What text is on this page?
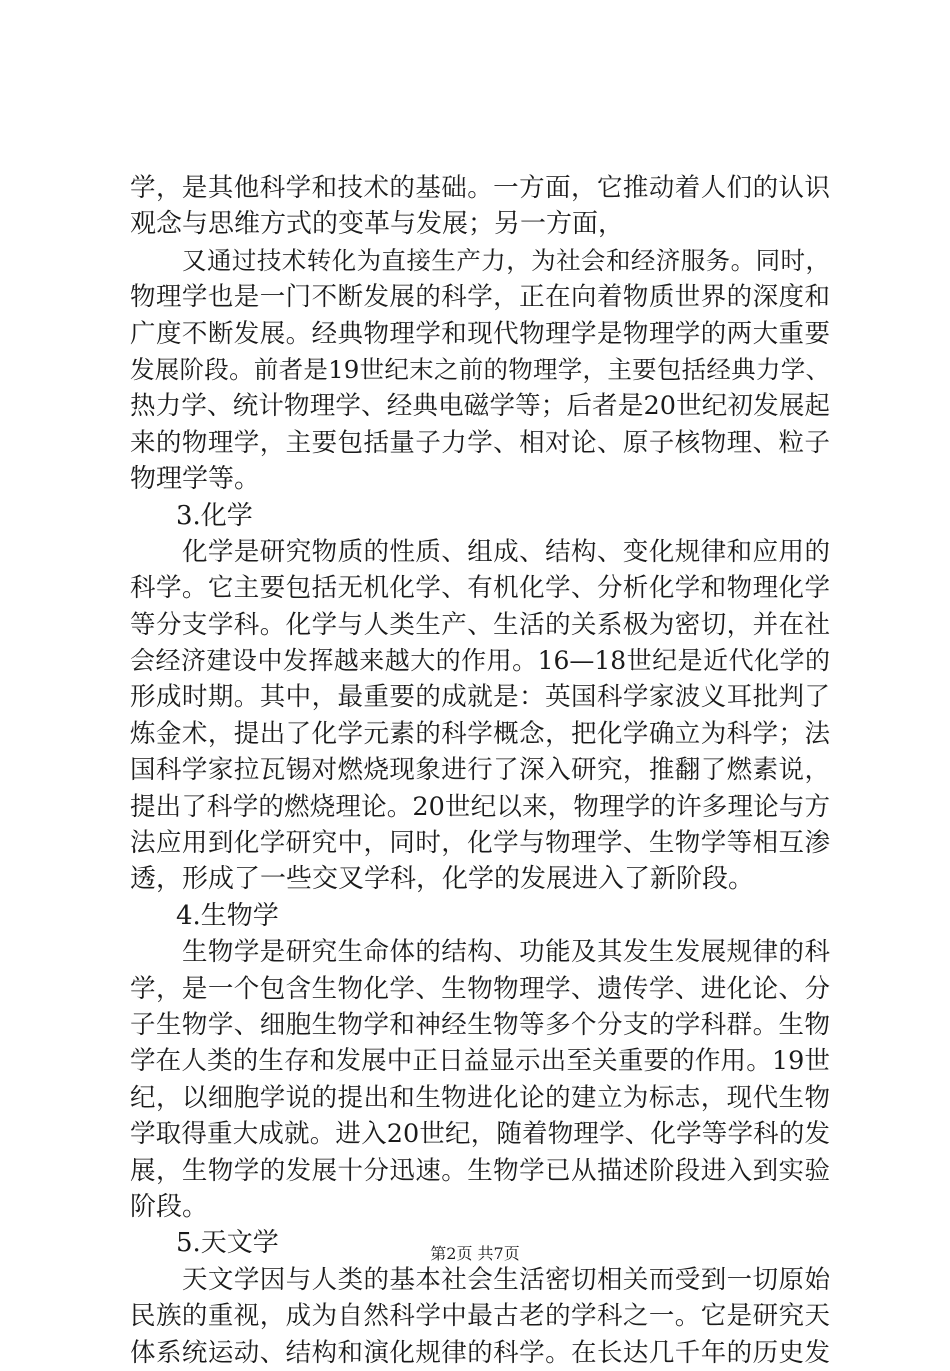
学，是其他科学和技术的基础。一方面，它推动着人们的认识
观念与思维方式的变革与发展；另一方面，
又通过技术转化为直接生产力，为社会和经济服务。同时，
物理学也是一门不断发展的科学，正在向着物质世界的深度和
广度不断发展。经典物理学和现代物理学是物理学的两大重要
发展阶段。前者是19世纪末之前的物理学，主要包括经典力学、
热力学、统计物理学、经典电磁学等；后者是20世纪初发展起
来的物理学，主要包括量子力学、相对论、原子核物理、粒子
物理学等。
3.化学
化学是研究物质的性质、组成、结构、变化规律和应用的
科学。它主要包括无机化学、有机化学、分析化学和物理化学
等分支学科。化学与人类生产、生活的关系极为密切，并在社
会经济建设中发挥越来越大的作用。16—18世纪是近代化学的
形成时期。其中，最重要的成就是：英国科学家波义耳批判了
炼金术，提出了化学元素的科学概念，把化学确立为科学；法
国科学家拉瓦锡对燃烧现象进行了深入研究，推翻了燃素说，
提出了科学的燃烧理论。20世纪以来，物理学的许多理论与方
法应用到化学研究中，同时，化学与物理学、生物学等相互渗
透，形成了一些交叉学科，化学的发展进入了新阶段。
4.生物学
生物学是研究生命体的结构、功能及其发生发展规律的科
学，是一个包含生物化学、生物物理学、遗传学、进化论、分
子生物学、细胞生物学和神经生物等多个分支的学科群。生物
学在人类的生存和发展中正日益显示出至关重要的作用。19世
纪，以细胞学说的提出和生物进化论的建立为标志，现代生物
学取得重大成就。进入20世纪，随着物理学、化学等学科的发
展，生物学的发展十分迅速。生物学已从描述阶段进入到实验
阶段。
5.天文学
天文学因与人类的基本社会生活密切相关而受到一切原始
民族的重视，成为自然科学中最古老的学科之一。它是研究天
体系统运动、结构和演化规律的科学。在长达几千年的历史发
第2页 共7页
